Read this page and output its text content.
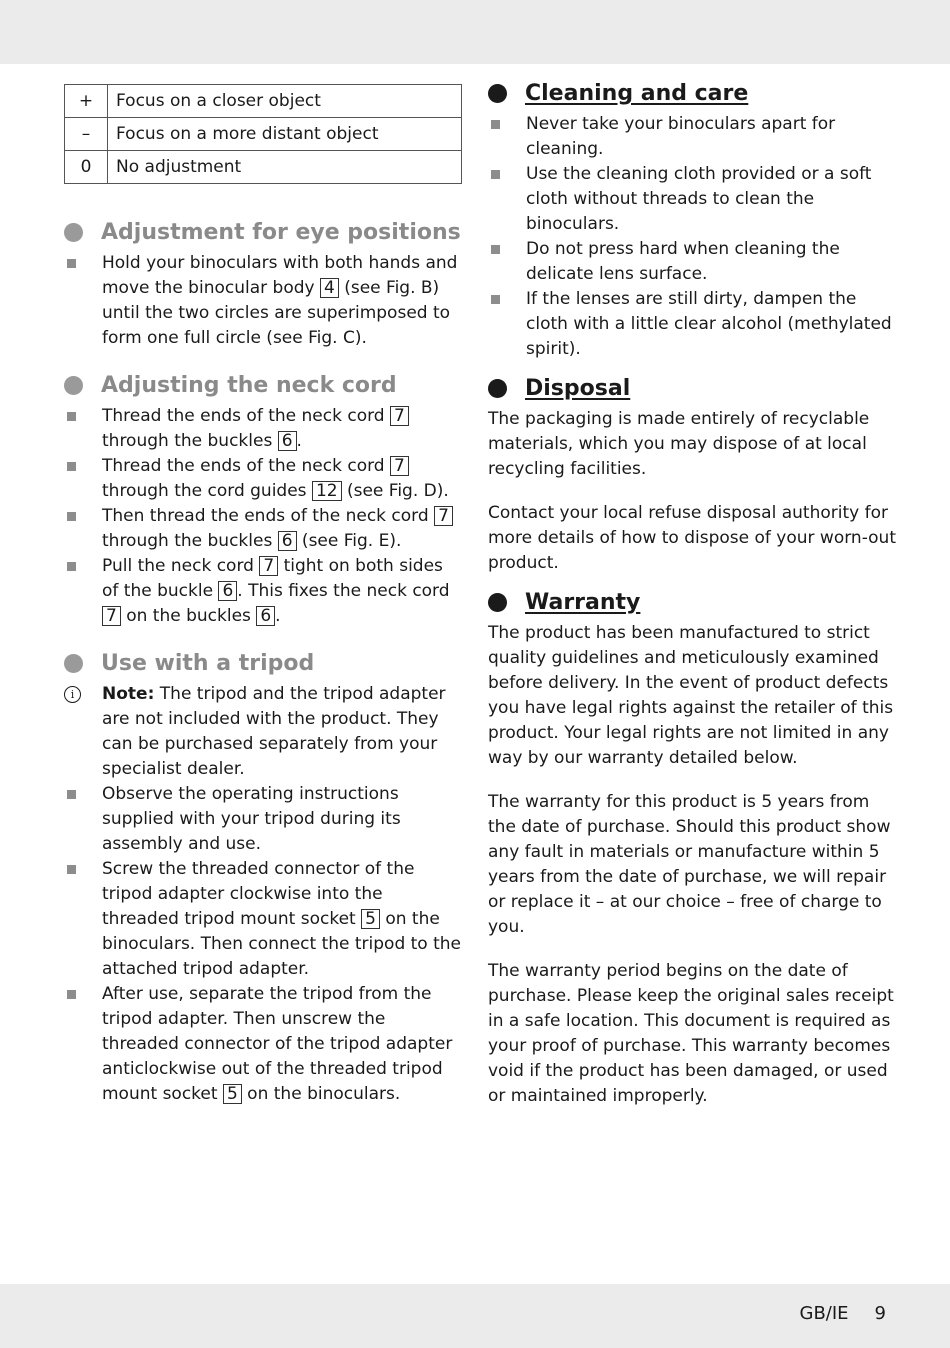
+	Focus on a closer object
–	Focus on a more distant object
0	No adjustment
Adjustment for eye positions
Hold your binoculars with both hands and move the binocular body 4 (see Fig. B) until the two circles are superimposed to form one full circle (see Fig. C).
Adjusting the neck cord
Thread the ends of the neck cord 7 through the buckles 6 .
Thread the ends of the neck cord 7 through the cord guides 12 (see Fig. D).
Then thread the ends of the neck cord 7 through the buckles 6 (see Fig. E).
Pull the neck cord 7 tight on both sides of the buckle 6 . This fixes the neck cord 7 on the buckles 6 .
Use with a tripod
i	Note: The tripod and the tripod adapter are not included with the product. They can be purchased separately from your specialist dealer.
Observe the operating instructions supplied with your tripod during its assembly and use.
Screw the threaded connector of the tripod adapter clockwise into the threaded tripod mount socket 5 on the binoculars. Then connect the tripod to the attached tripod adapter.
After use, separate the tripod from the tripod adapter. Then unscrew the threaded connector of the tripod adapter anticlockwise out of the threaded tripod mount socket 5 on the binoculars.
Cleaning and care
Never take your binoculars apart for cleaning.
Use the cleaning cloth provided or a soft cloth without threads to clean the binoculars.
Do not press hard when cleaning the delicate lens surface.
If the lenses are still dirty, dampen the cloth with a little clear alcohol (methylated spirit).
Disposal

The packaging is made entirely of recyclable materials, which you may dispose of at local recycling facilities.

Contact your local refuse disposal authority for more details of how to dispose of your worn-out product.

Warranty

The product has been manufactured to strict quality guidelines and meticulously examined before delivery. In the event of product defects you have legal rights against the retailer of this product. Your legal rights are not limited in any way by our warranty detailed below.

The warranty for this product is 5 years from the date of purchase. Should this product show any fault in materials or manufacture within 5 years from the date of purchase, we will repair or replace it – at our choice – free of charge to you.

The warranty period begins on the date of purchase. Please keep the original sales receipt in a safe location. This document is required as your proof of purchase. This warranty becomes void if the product has been damaged, or used or maintained improperly.

GB/IE 9
